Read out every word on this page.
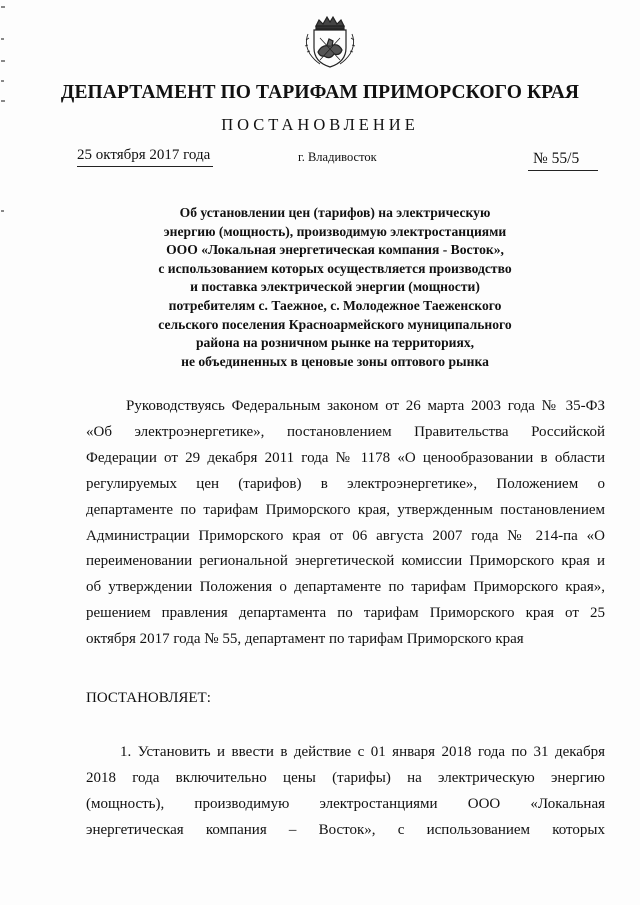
ДЕПАРТАМЕНТ ПО ТАРИФАМ ПРИМОРСКОГО КРАЯ
ПОСТАНОВЛЕНИЕ
25 октября 2017 года	г. Владивосток	№ 55/5
Об установлении цен (тарифов) на электрическую
энергию (мощность), производимую электростанциями
ООО «Локальная энергетическая компания - Восток»,
с использованием которых осуществляется производство
и поставка электрической энергии (мощности)
потребителям с. Таежное, с. Молодежное Таеженского
сельского поселения Красноармейского муниципального
района на розничном рынке на территориях,
не объединенных в ценовые зоны оптового рынка
Руководствуясь Федеральным законом от 26 марта 2003 года № 35-ФЗ
«Об электроэнергетике», постановлением Правительства Российской
Федерации от 29 декабря 2011 года № 1178 «О ценообразовании в области
регулируемых цен (тарифов) в электроэнергетике», Положением о
департаменте по тарифам Приморского края, утвержденным постановлением
Администрации Приморского края от 06 августа 2007 года № 214-па «О
переименовании региональной энергетической комиссии Приморского края и
об утверждении Положения о департаменте по тарифам Приморского края»,
решением правления департамента по тарифам Приморского края от 25
октября 2017 года № 55, департамент по тарифам Приморского края
ПОСТАНОВЛЯЕТ:
1. Установить и ввести в действие с 01 января 2018 года по 31 декабря
2018 года включительно цены (тарифы) на электрическую энергию
(мощность), производимую электростанциями ООО «Локальная
энергетическая компания – Восток», с использованием которых
